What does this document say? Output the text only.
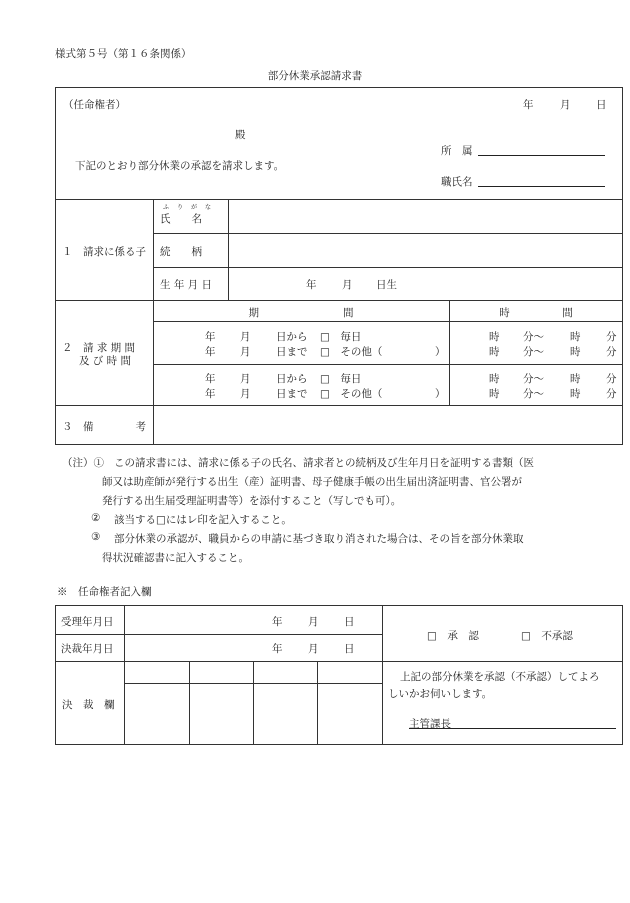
様式第５号（第１６条関係）
部分休業承認請求書
（任命権者）	年	月 日
殿
所　属
下記のとおり部分休業の承認を請求します。
職氏名
１　請求に係る子
ふ　り　が　な
氏　　名
続　　柄
生 年 月 日	年 月 日生
２　請 求 期 間
及 び 時 間
期　　　　　　　　間	時　　　　　間
年 月 日から □　毎日	時 分〜 時 分
年 月 日まで □　その他（	）	時 分〜 時 分
年 月 日から □　毎日	時 分〜 時 分
年 月 日まで □　その他（	）	時 分〜 時 分
３　備　　　　考
（注）① この請求書には、請求に係る子の氏名、請求者との続柄及び生年月日を証明する書類（医
師又は助産師が発行する出生（産）証明書、母子健康手帳の出生届出済証明書、官公署が
発行する出生届受理証明書等）を添付すること（写しでも可）。
② 該当する□にはレ印を記入すること。
③ 部分休業の承認が、職員からの申請に基づき取り消された場合は、その旨を部分休業取
得状況確認書に記入すること。
※　任命権者記入欄
受理年月日	年 月 日
決裁年月日	年 月 日
□　承　認	□　不承認
決　裁　欄
上記の部分休業を承認（不承認）してよろ
しいかお伺いします。
主管課長
